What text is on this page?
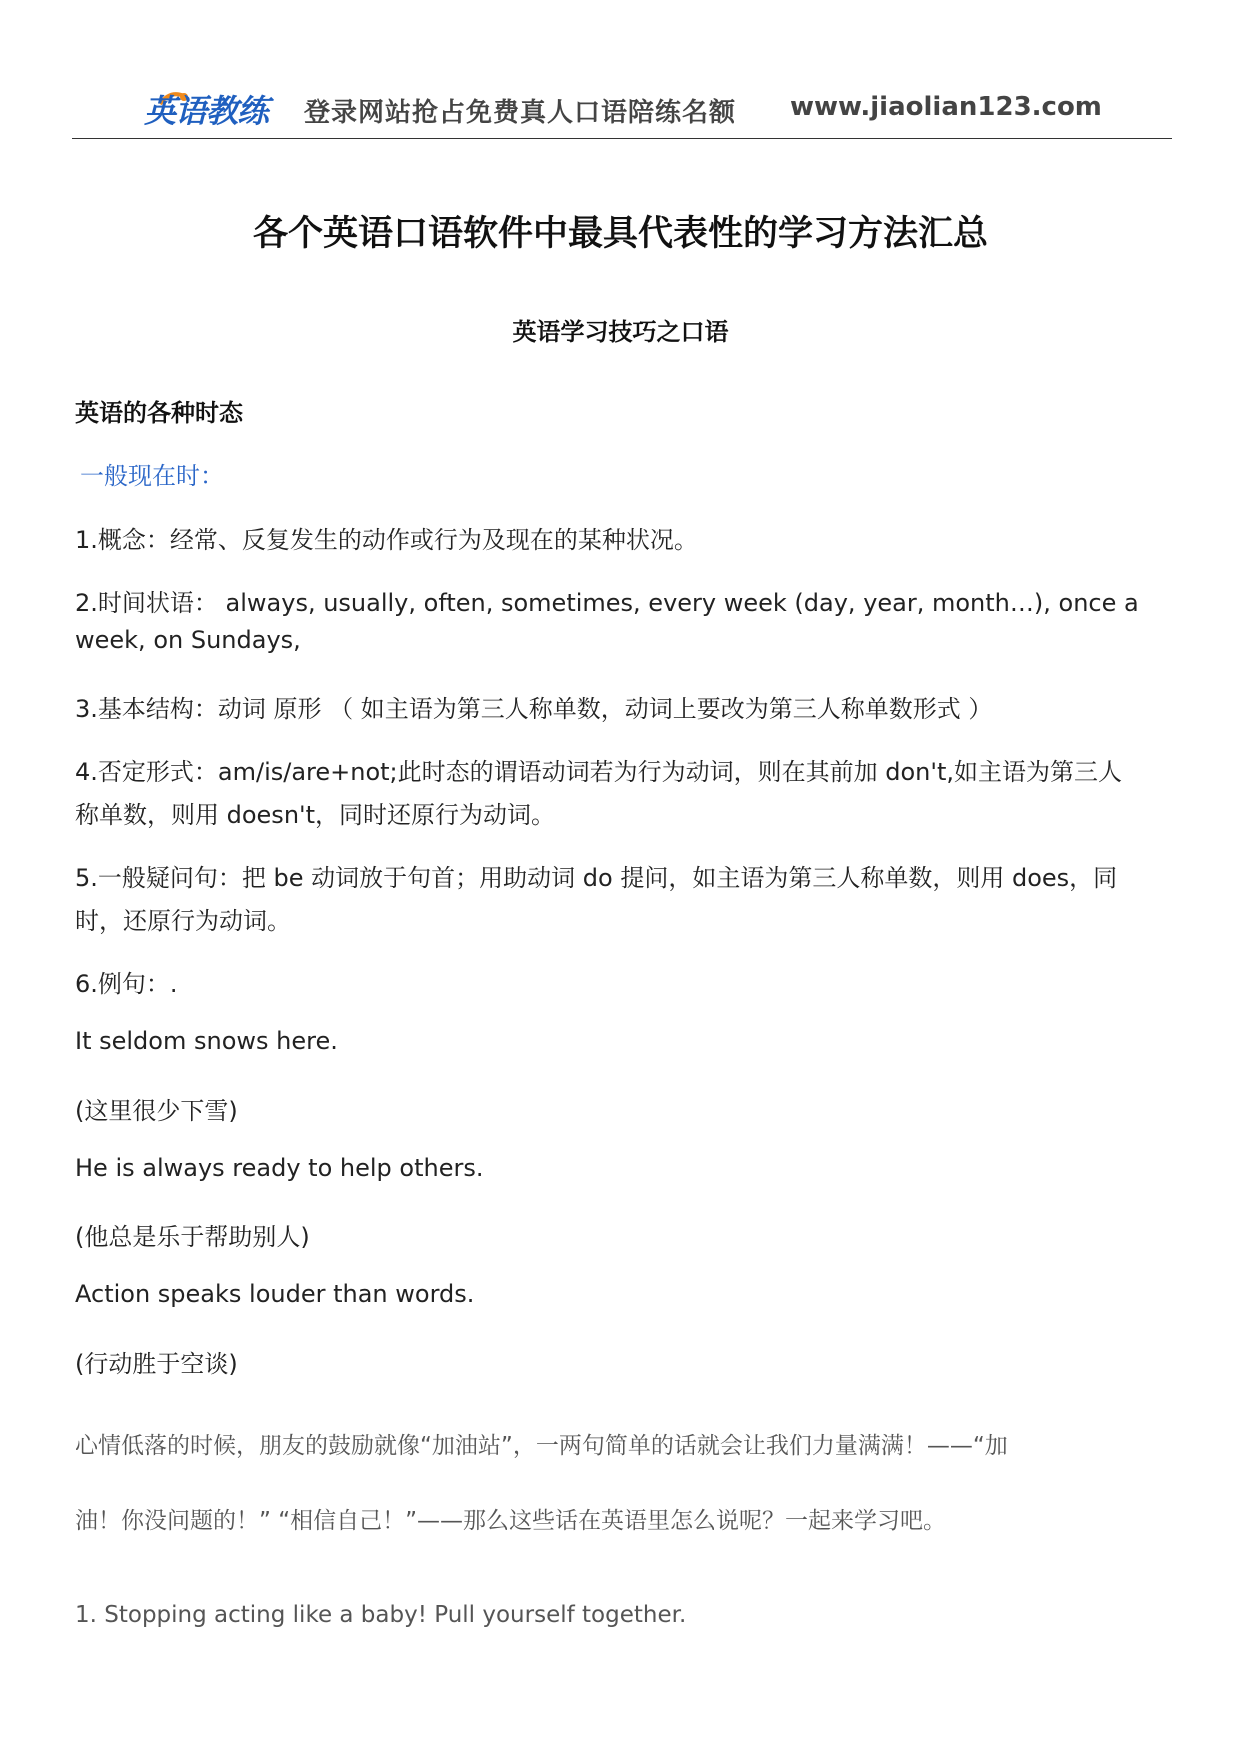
英语教练 登录网站抢占免费真人口语陪练名额 www.jiaolian123.com
各个英语口语软件中最具代表性的学习方法汇总
英语学习技巧之口语
英语的各种时态
一般现在时：
1.概念：经常、反复发生的动作或行为及现在的某种状况。
2.时间状语： always, usually, often, sometimes, every week (day, year, month…), once a
week, on Sundays,
3.基本结构：动词 原形 （ 如主语为第三人称单数，动词上要改为第三人称单数形式 ）
4.否定形式：am/is/are+not;此时态的谓语动词若为行为动词，则在其前加 don't,如主语为第三人
称单数，则用 doesn't，同时还原行为动词。
5.一般疑问句：把 be 动词放于句首；用助动词 do 提问，如主语为第三人称单数，则用 does，同
时，还原行为动词。
6.例句：.
It seldom snows here.
(这里很少下雪)
He is always ready to help others.
(他总是乐于帮助别人)
Action speaks louder than words.
(行动胜于空谈)
心情低落的时候，朋友的鼓励就像“加油站”，一两句简单的话就会让我们力量满满！——“加
油！你没问题的！” “相信自己！”——那么这些话在英语里怎么说呢？一起来学习吧。
1. Stopping acting like a baby! Pull yourself together.
